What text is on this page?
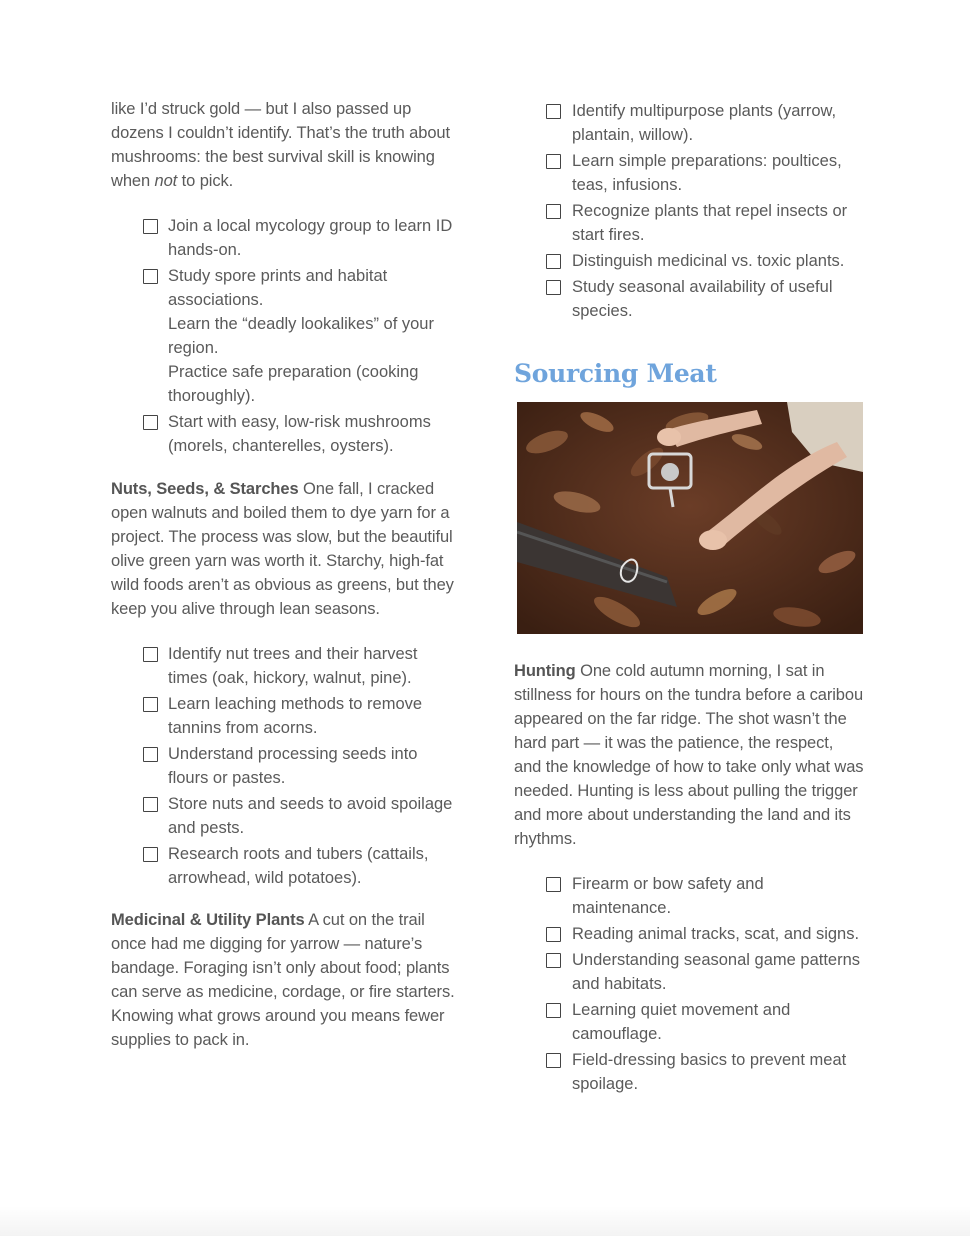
like I’d struck gold — but I also passed up dozens I couldn’t identify. That’s the truth about mushrooms: the best survival skill is knowing when not to pick.

Join a local mycology group to learn ID hands-on.
Study spore prints and habitat associations.
Learn the “deadly lookalikes” of your region.
Practice safe preparation (cooking thoroughly).
Start with easy, low-risk mushrooms (morels, chanterelles, oysters).

Nuts, Seeds, & Starches One fall, I cracked open walnuts and boiled them to dye yarn for a project. The process was slow, but the beautiful olive green yarn was worth it. Starchy, high-fat wild foods aren’t as obvious as greens, but they keep you alive through lean seasons.

Identify nut trees and their harvest times (oak, hickory, walnut, pine).
Learn leaching methods to remove tannins from acorns.
Understand processing seeds into flours or pastes.
Store nuts and seeds to avoid spoilage and pests.
Research roots and tubers (cattails, arrowhead, wild potatoes).

Medicinal & Utility Plants A cut on the trail once had me digging for yarrow — nature’s bandage. Foraging isn’t only about food; plants can serve as medicine, cordage, or fire starters. Knowing what grows around you means fewer supplies to pack in.

Identify multipurpose plants (yarrow, plantain, willow).
Learn simple preparations: poultices, teas, infusions.
Recognize plants that repel insects or start fires.
Distinguish medicinal vs. toxic plants.
Study seasonal availability of useful species.
Sourcing Meat

Hunting One cold autumn morning, I sat in stillness for hours on the tundra before a caribou appeared on the far ridge. The shot wasn’t the hard part — it was the patience, the respect, and the knowledge of how to take only what was needed. Hunting is less about pulling the trigger and more about understanding the land and its rhythms.

Firearm or bow safety and maintenance.
Reading animal tracks, scat, and signs.
Understanding seasonal game patterns and habitats.
Learning quiet movement and camouflage.
Field-dressing basics to prevent meat spoilage.
